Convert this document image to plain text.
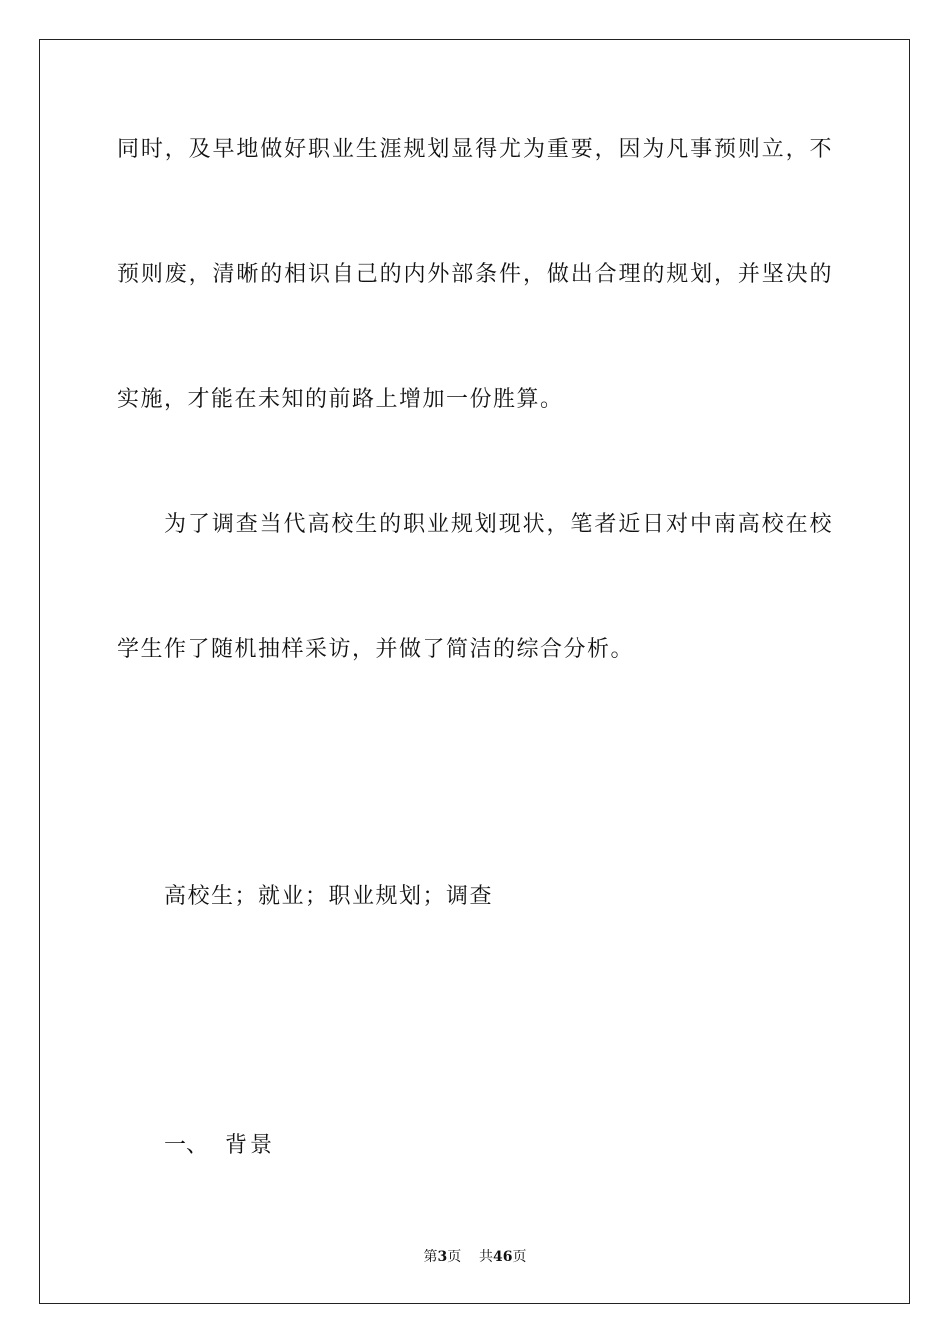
同时，及早地做好职业生涯规划显得尤为重要，因为凡事预则立，不
预则废，清晰的相识自己的内外部条件，做出合理的规划，并坚决的
实施，才能在未知的前路上增加一份胜算。
为了调查当代高校生的职业规划现状，笔者近日对中南高校在校
学生作了随机抽样采访，并做了简洁的综合分析。
高校生；就业；职业规划；调查
一、 背景
第3页 共46页
